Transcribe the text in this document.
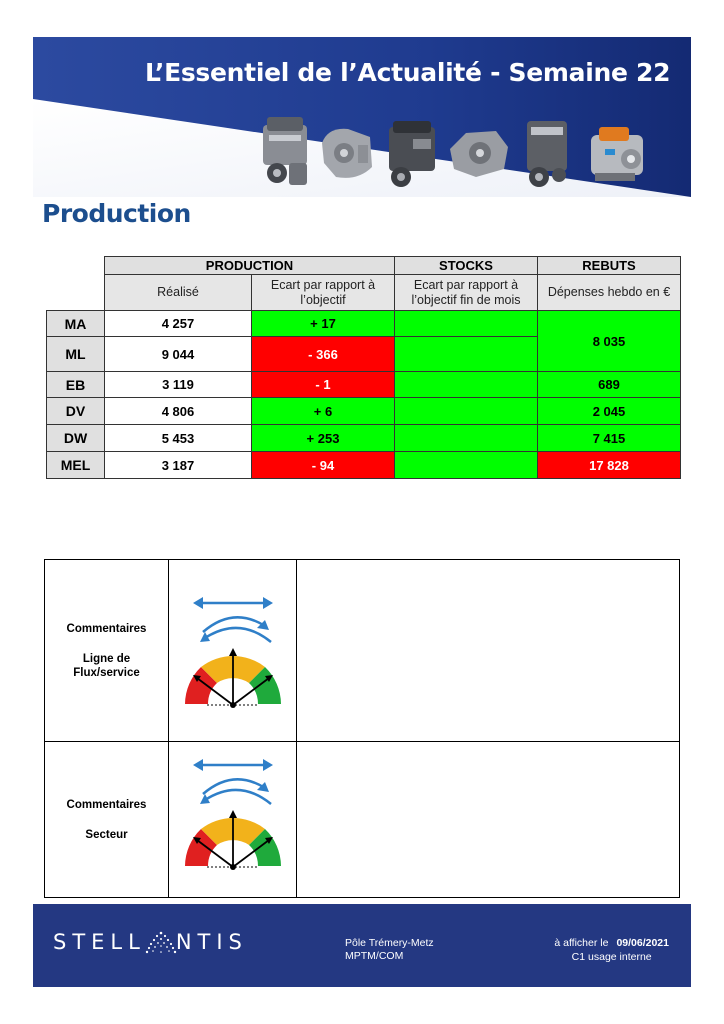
L’Essentiel de l’Actualité - Semaine 22
Production
	PRODUCTION		STOCKS	REBUTS
	Réalisé	Ecart par rapport à l’objectif	Ecart par rapport à l’objectif fin de mois	Dépenses hebdo en €
MA	4 257	+ 17		8 035
ML	9 044	- 366		
EB	3 119	- 1		689
DV	4 806	+ 6		2 045
DW	5 453	+ 253		7 415
MEL	3 187	- 94		17 828
Commentaires
Ligne de Flux/service
Commentaires
Secteur
STELL NTIS	Pôle Trémery-Metz
MPTM/COM
à afficher le 09/06/2021
C1 usage interne
